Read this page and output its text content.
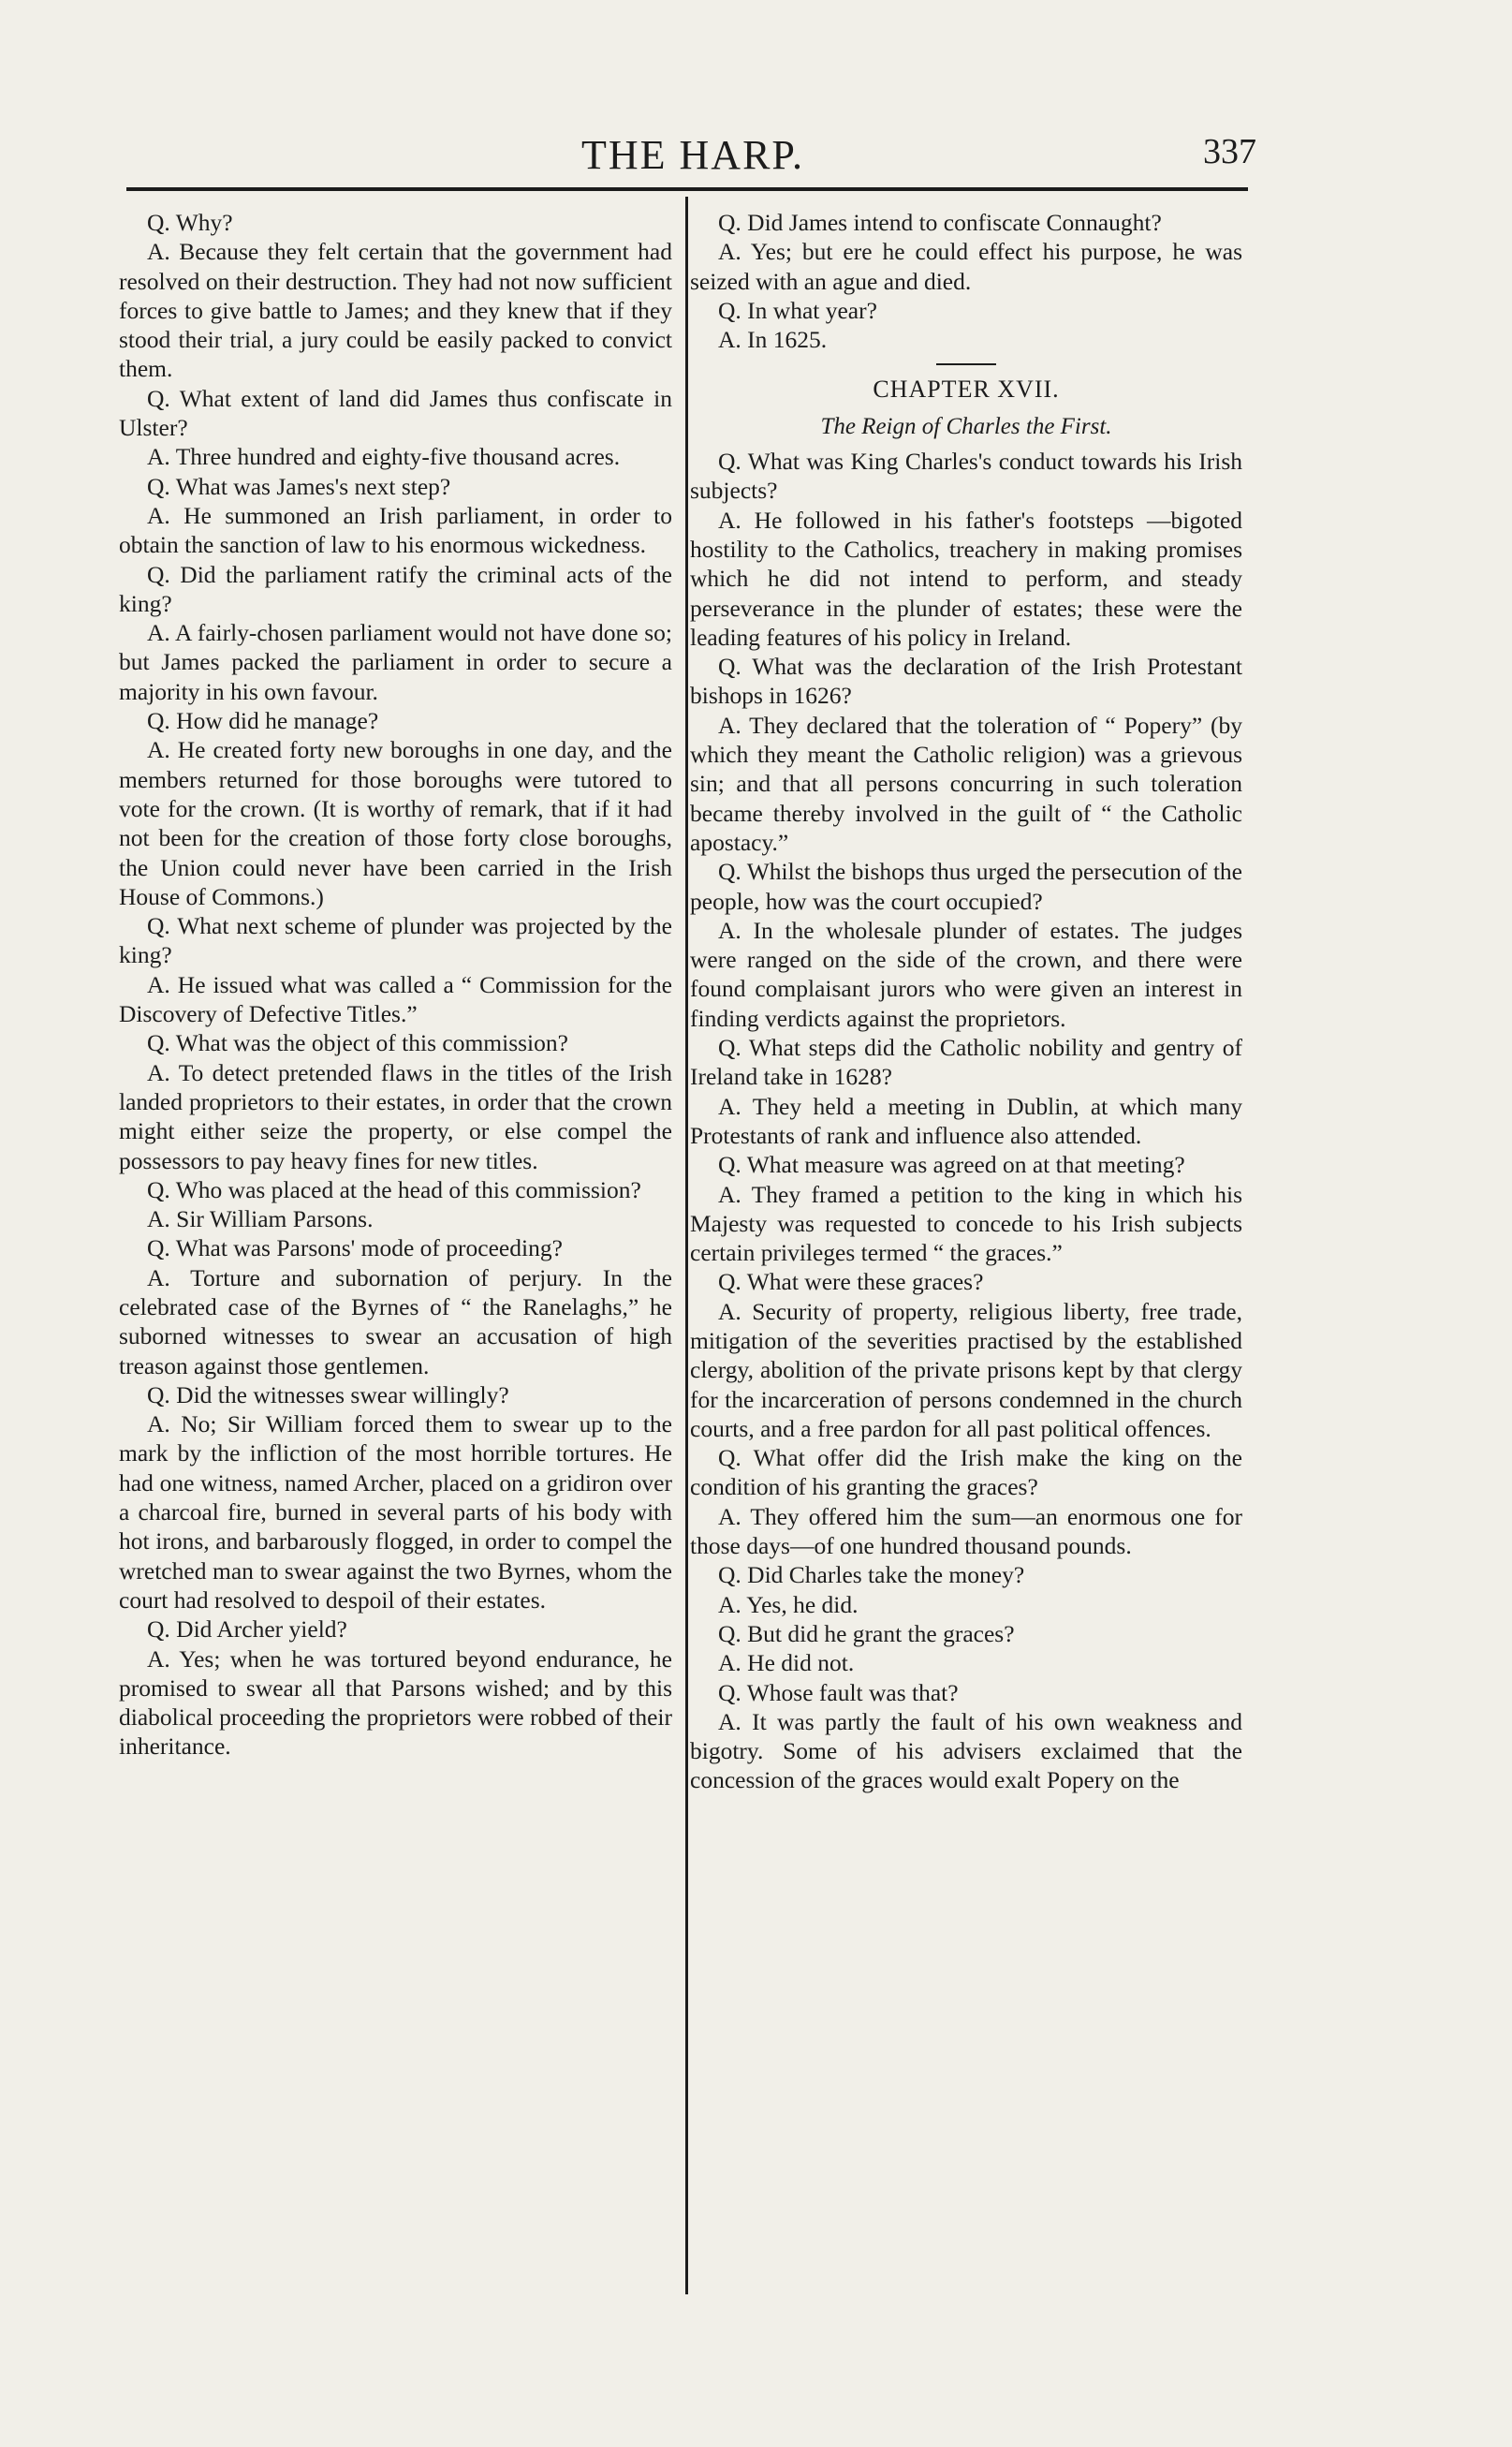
THE HARP.	337

Q. Why?

A. Because they felt certain that the government had resolved on their destruction. They had not now sufficient forces to give battle to James; and they knew that if they stood their trial, a jury could be easily packed to convict them.

Q. What extent of land did James thus confiscate in Ulster?

A. Three hundred and eighty-five thousand acres.

Q. What was James's next step?

A. He summoned an Irish parliament, in order to obtain the sanction of law to his enormous wickedness.

Q. Did the parliament ratify the criminal acts of the king?

A. A fairly-chosen parliament would not have done so; but James packed the parliament in order to secure a majority in his own favour.

Q. How did he manage?

A. He created forty new boroughs in one day, and the members returned for those boroughs were tutored to vote for the crown. (It is worthy of remark, that if it had not been for the creation of those forty close boroughs, the Union could never have been carried in the Irish House of Commons.)

Q. What next scheme of plunder was projected by the king?

A. He issued what was called a “ Commission for the Discovery of Defective Titles.”

Q. What was the object of this commission?

A. To detect pretended flaws in the titles of the Irish landed proprietors to their estates, in order that the crown might either seize the property, or else compel the possessors to pay heavy fines for new titles.

Q. Who was placed at the head of this commission?

A. Sir William Parsons.

Q. What was Parsons' mode of proceeding?

A. Torture and subornation of perjury. In the celebrated case of the Byrnes of “ the Ranelaghs,” he suborned witnesses to swear an accusation of high treason against those gentlemen.

Q. Did the witnesses swear willingly?

A. No; Sir William forced them to swear up to the mark by the infliction of the most horrible tortures. He had one witness, named Archer, placed on a gridiron over a charcoal fire, burned in several parts of his body with hot irons, and barbarously flogged, in order to compel the wretched man to swear against the two Byrnes, whom the court had resolved to despoil of their estates.

Q. Did Archer yield?

A. Yes; when he was tortured beyond endurance, he promised to swear all that Parsons wished; and by this diabolical proceeding the proprietors were robbed of their inheritance.

Q. Did James intend to confiscate Connaught?

A. Yes; but ere he could effect his purpose, he was seized with an ague and died.

Q. In what year?

A. In 1625.

CHAPTER XVII.
The Reign of Charles the First.

Q. What was King Charles's conduct towards his Irish subjects?

A. He followed in his father's footsteps —bigoted hostility to the Catholics, treachery in making promises which he did not intend to perform, and steady perseverance in the plunder of estates; these were the leading features of his policy in Ireland.

Q. What was the declaration of the Irish Protestant bishops in 1626?

A. They declared that the toleration of “ Popery” (by which they meant the Catholic religion) was a grievous sin; and that all persons concurring in such toleration became thereby involved in the guilt of “ the Catholic apostacy.”

Q. Whilst the bishops thus urged the persecution of the people, how was the court occupied?

A. In the wholesale plunder of estates. The judges were ranged on the side of the crown, and there were found complaisant jurors who were given an interest in finding verdicts against the proprietors.

Q. What steps did the Catholic nobility and gentry of Ireland take in 1628?

A. They held a meeting in Dublin, at which many Protestants of rank and influence also attended.

Q. What measure was agreed on at that meeting?

A. They framed a petition to the king in which his Majesty was requested to concede to his Irish subjects certain privileges termed “ the graces.”

Q. What were these graces?

A. Security of property, religious liberty, free trade, mitigation of the severities practised by the established clergy, abolition of the private prisons kept by that clergy for the incarceration of persons condemned in the church courts, and a free pardon for all past political offences.

Q. What offer did the Irish make the king on the condition of his granting the graces?

A. They offered him the sum—an enormous one for those days—of one hundred thousand pounds.

Q. Did Charles take the money?

A. Yes, he did.

Q. But did he grant the graces?

A. He did not.

Q. Whose fault was that?

A. It was partly the fault of his own weakness and bigotry. Some of his advisers exclaimed that the concession of the graces would exalt Popery on the
